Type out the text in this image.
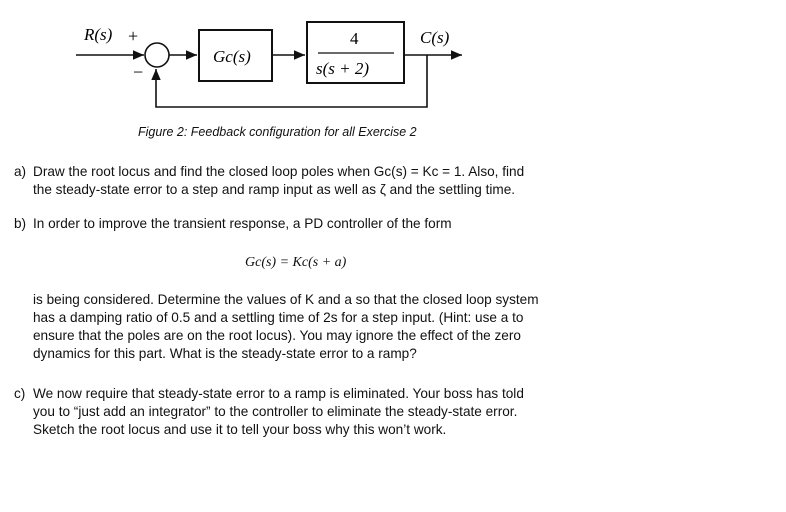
R(s) +
−
Gc(s)
4
s(s + 2)
C(s)
Figure 2: Feedback configuration for all Exercise 2
a) Draw the root locus and find the closed loop poles when Gc(s) = Kc = 1. Also, find
the steady-state error to a step and ramp input as well as ζ and the settling time.
b) In order to improve the transient response, a PD controller of the form
Gc(s) = Kc(s + a)
is being considered. Determine the values of K and a so that the closed loop system
has a damping ratio of 0.5 and a settling time of 2s for a step input. (Hint: use a to
ensure that the poles are on the root locus). You may ignore the effect of the zero
dynamics for this part. What is the steady-state error to a ramp?
c) We now require that steady-state error to a ramp is eliminated. Your boss has told
you to “just add an integrator” to the controller to eliminate the steady-state error.
Sketch the root locus and use it to tell your boss why this won’t work.
